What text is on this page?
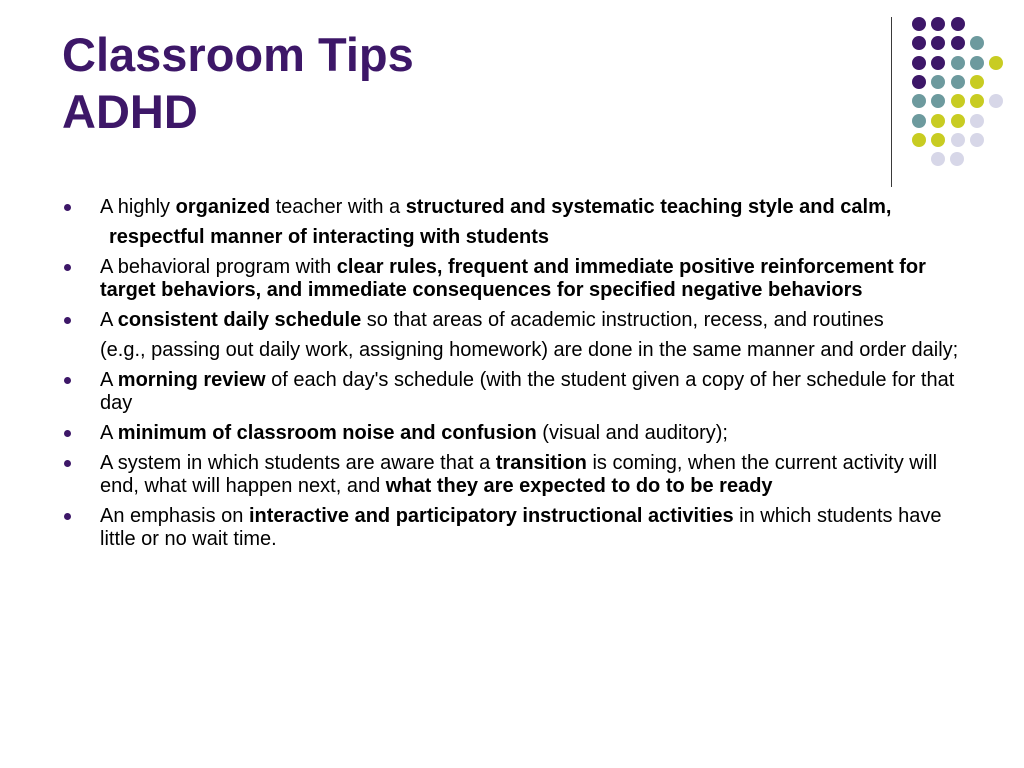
Classroom Tips
ADHD
A highly organized teacher with a structured and systematic teaching style and calm,
respectful manner of interacting with students
A behavioral program with clear rules, frequent and immediate positive reinforcement for target behaviors, and immediate consequences for specified negative behaviors
A consistent daily schedule so that areas of academic instruction, recess, and routines
(e.g., passing out daily work, assigning homework) are done in the same manner and order daily;
A morning review of each day's schedule (with the student given a copy of her schedule for that day
A minimum of classroom noise and confusion (visual and auditory);
A system in which students are aware that a transition is coming, when the current activity will end, what will happen next, and what they are expected to do to be ready
An emphasis on interactive and participatory instructional activities in which students have little or no wait time.
